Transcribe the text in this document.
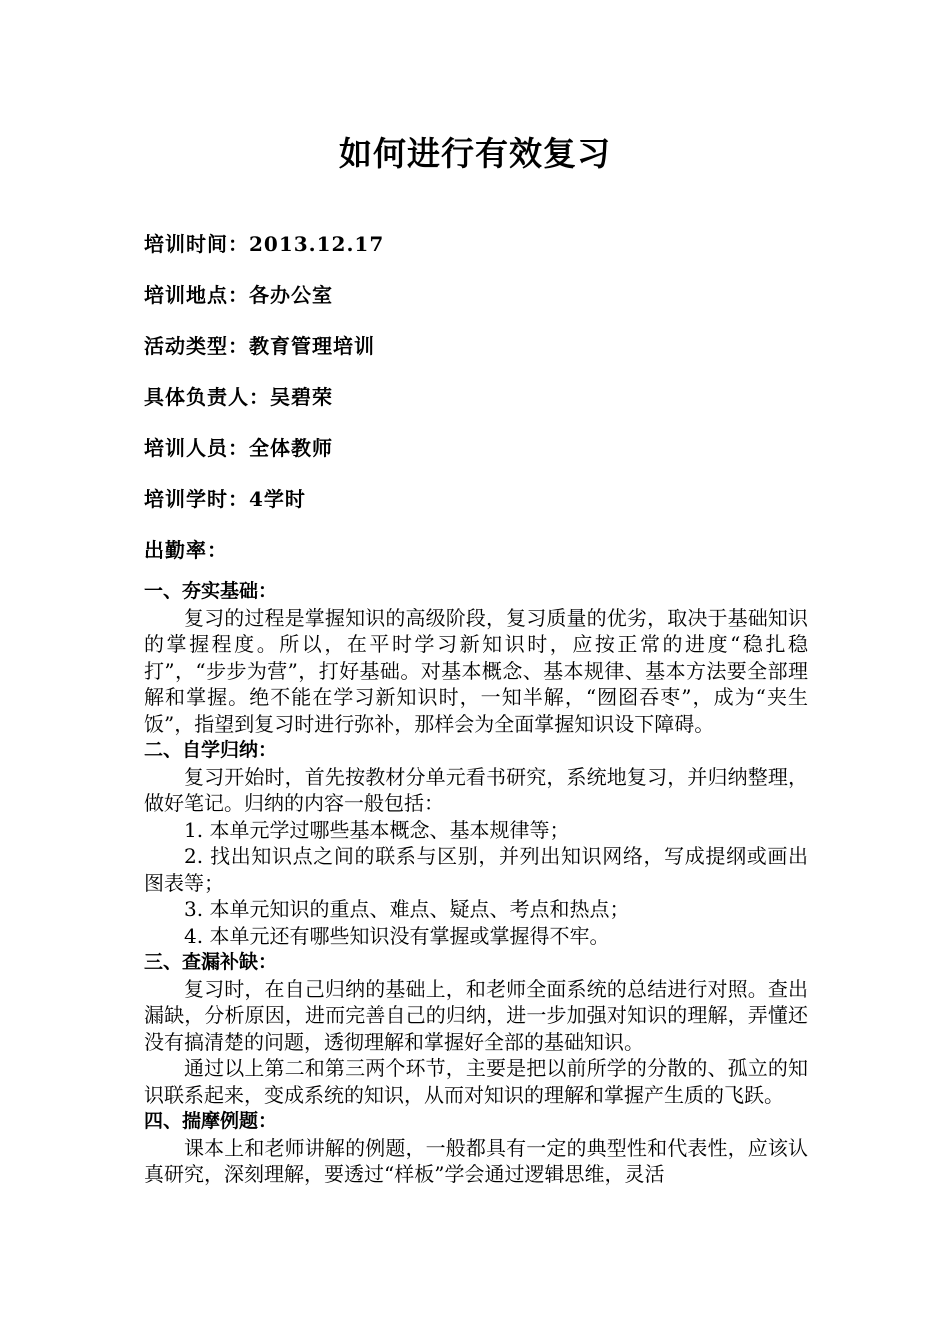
如何进行有效复习
培训时间：2013.12.17
培训地点：各办公室
活动类型：教育管理培训
具体负责人：吴碧荣
培训人员：全体教师
培训学时：4学时
出勤率：
一、夯实基础：
复习的过程是掌握知识的高级阶段，复习质量的优劣，取决于基础知识的掌握程度。所以，在平时学习新知识时，应按正常的进度“稳扎稳打”，“步步为营”，打好基础。对基本概念、基本规律、基本方法要全部理解和掌握。绝不能在学习新知识时，一知半解，“囫囵吞枣”，成为“夹生饭”，指望到复习时进行弥补，那样会为全面掌握知识设下障碍。
二、自学归纳：
复习开始时，首先按教材分单元看书研究，系统地复习，并归纳整理，做好笔记。归纳的内容一般包括：
1. 本单元学过哪些基本概念、基本规律等；
2. 找出知识点之间的联系与区别，并列出知识网络，写成提纲或画出图表等；
3. 本单元知识的重点、难点、疑点、考点和热点；
4. 本单元还有哪些知识没有掌握或掌握得不牢。
三、查漏补缺：
复习时，在自己归纳的基础上，和老师全面系统的总结进行对照。查出漏缺，分析原因，进而完善自己的归纳，进一步加强对知识的理解，弄懂还没有搞清楚的问题，透彻理解和掌握好全部的基础知识。
通过以上第二和第三两个环节，主要是把以前所学的分散的、孤立的知识联系起来，变成系统的知识，从而对知识的理解和掌握产生质的飞跃。
四、揣摩例题：
课本上和老师讲解的例题，一般都具有一定的典型性和代表性，应该认真研究，深刻理解，要透过“样板”学会通过逻辑思维，灵活
